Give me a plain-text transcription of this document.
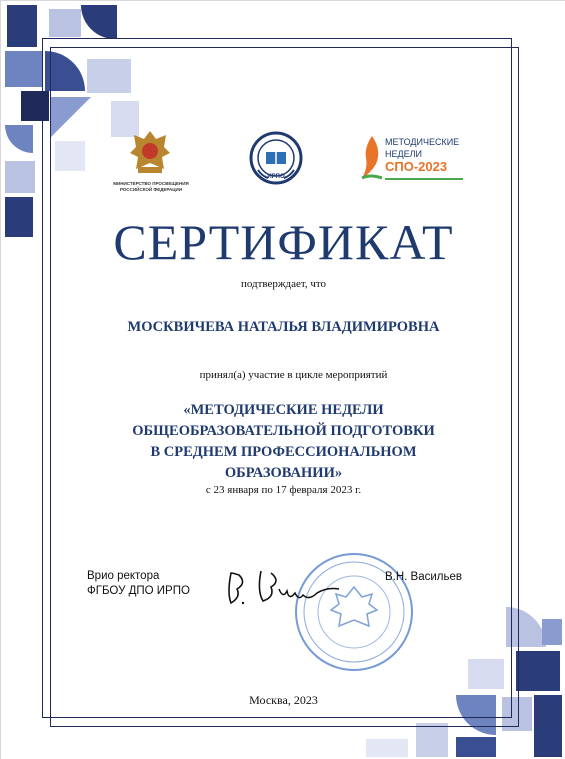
МИНИСТЕРСТВО ПРОСВЕЩЕНИЯ РОССИЙСКОЙ ФЕДЕРАЦИИ
ИРПО
МЕТОДИЧЕСКИЕ
НЕДЕЛИ
СПО-2023
СЕРТИФИКАТ
подтверждает, что
МОСКВИЧЕВА НАТАЛЬЯ ВЛАДИМИРОВНА
принял(а) участие в цикле мероприятий
«МЕТОДИЧЕСКИЕ НЕДЕЛИ
ОБЩЕОБРАЗОВАТЕЛЬНОЙ ПОДГОТОВКИ
В СРЕДНЕМ ПРОФЕССИОНАЛЬНОМ
ОБРАЗОВАНИИ»
с 23 января по 17 февраля 2023 г.
Врио ректора
ФГБОУ ДПО ИРПО
В.Н. Васильев
Москва, 2023
